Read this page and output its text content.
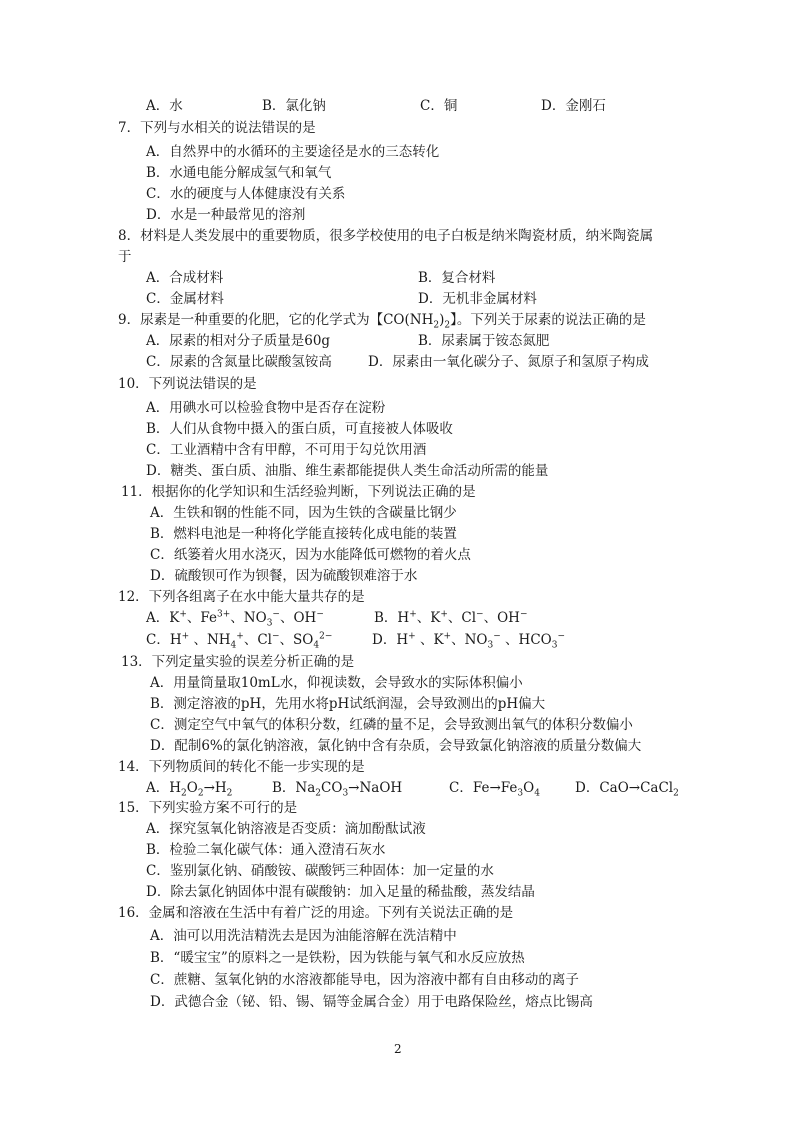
A．水	B．氯化钠	C．铜	D．金刚石
7．下列与水相关的说法错误的是
A．自然界中的水循环的主要途径是水的三态转化
B．水通电能分解成氢气和氧气
C．水的硬度与人体健康没有关系
D．水是一种最常见的溶剂
8．材料是人类发展中的重要物质，很多学校使用的电子白板是纳米陶瓷材质，纳米陶瓷属
于
A．合成材料	B．复合材料
C．金属材料	D．无机非金属材料
9．尿素是一种重要的化肥，它的化学式为【$CO(NH_2)_2$】。下列关于尿素的说法正确的是
A．尿素的相对分子质量是60g	B．尿素属于铵态氮肥
C．尿素的含氮量比碳酸氢铵高	D．尿素由一氧化碳分子、氮原子和氢原子构成
10．下列说法错误的是
A．用碘水可以检验食物中是否存在淀粉
B．人们从食物中摄入的蛋白质，可直接被人体吸收
C．工业酒精中含有甲醇，不可用于勾兑饮用酒
D．糖类、蛋白质、油脂、维生素都能提供人类生命活动所需的能量
11．根据你的化学知识和生活经验判断，下列说法正确的是
A．生铁和钢的性能不同，因为生铁的含碳量比钢少
B．燃料电池是一种将化学能直接转化成电能的装置
C．纸篓着火用水浇灭，因为水能降低可燃物的着火点
D．硫酸钡可作为钡餐，因为硫酸钡难溶于水
12．下列各组离子在水中能大量共存的是
A．K+、$Fe^{3+}$、$NO_3^-$、OH−	B．H+、K+、Cl−、OH−
C．H+ 、$NH_4^+$、Cl−、$SO_4^{2-}$	D．H+ 、K+、$NO_3^-$ 、$HCO_3^-$
13．下列定量实验的误差分析正确的是
A．用量筒量取10mL水，仰视读数，会导致水的实际体积偏小
B．测定溶液的pH，先用水将pH试纸润湿，会导致测出的pH偏大
C．测定空气中氧气的体积分数，红磷的量不足，会导致测出氧气的体积分数偏小
D．配制6%的氯化钠溶液，氯化钠中含有杂质，会导致氯化钠溶液的质量分数偏大
14．下列物质间的转化不能一步实现的是
A．$H_2O_2\to H_2$	B．$Na_2CO_3\to NaOH$	C．$Fe\to Fe_3O_4$	D．CaO→CaCl$_2$
15．下列实验方案不可行的是
A．探究氢氧化钠溶液是否变质：滴加酚酞试液
B．检验二氧化碳气体：通入澄清石灰水
C．鉴别氯化钠、硝酸铵、碳酸钙三种固体：加一定量的水
D．除去氯化钠固体中混有碳酸钠：加入足量的稀盐酸，蒸发结晶
16．金属和溶液在生活中有着广泛的用途。下列有关说法正确的是
A．油可以用洗洁精洗去是因为油能溶解在洗洁精中
B．“暖宝宝”的原料之一是铁粉，因为铁能与氧气和水反应放热
C．蔗糖、氢氧化钠的水溶液都能导电，因为溶液中都有自由移动的离子
D．武德合金（铋、铅、锡、镉等金属合金）用于电路保险丝，熔点比锡高
2
